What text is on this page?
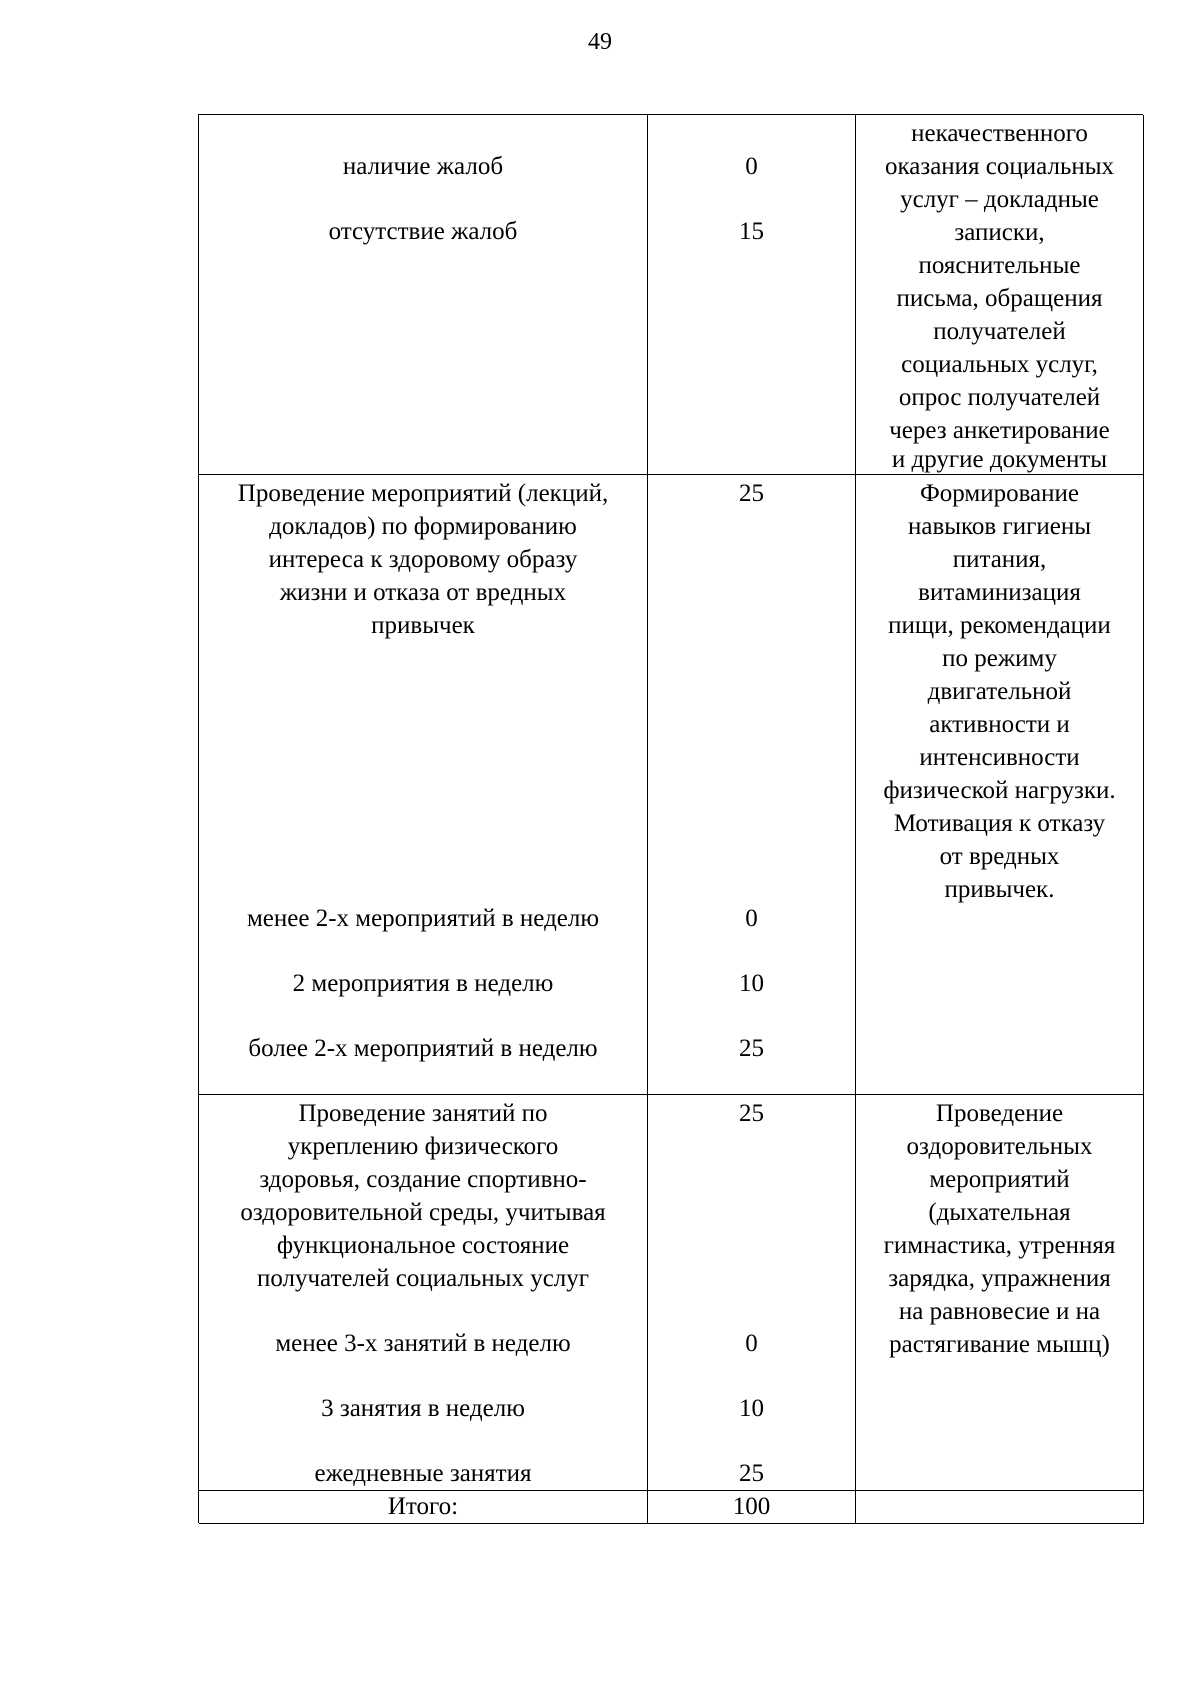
49
наличие жалоб
отсутствие жалоб
0
15
некачественного
оказания социальных
услуг – докладные
записки,
пояснительные
письма, обращения
получателей
социальных услуг,
опрос получателей
через анкетирование
и другие документы
Проведение мероприятий (лекций,
докладов) по формированию
интереса к здоровому образу
жизни и отказа от вредных
привычек
менее 2-х мероприятий в неделю
2 мероприятия в неделю
более 2-х мероприятий в неделю
25
0
10
25
Формирование
навыков гигиены
питания,
витаминизация
пищи, рекомендации
по режиму
двигательной
активности и
интенсивности
физической нагрузки.
Мотивация к отказу
от вредных
привычек.
Проведение занятий по
укреплению физического
здоровья, создание спортивно-
оздоровительной среды, учитывая
функциональное состояние
получателей социальных услуг
менее 3-х занятий в неделю
3 занятия в неделю
ежедневные занятия
25
0
10
25
Проведение
оздоровительных
мероприятий
(дыхательная
гимнастика, утренняя
зарядка, упражнения
на равновесие и на
растягивание мышц)
Итого:	100
